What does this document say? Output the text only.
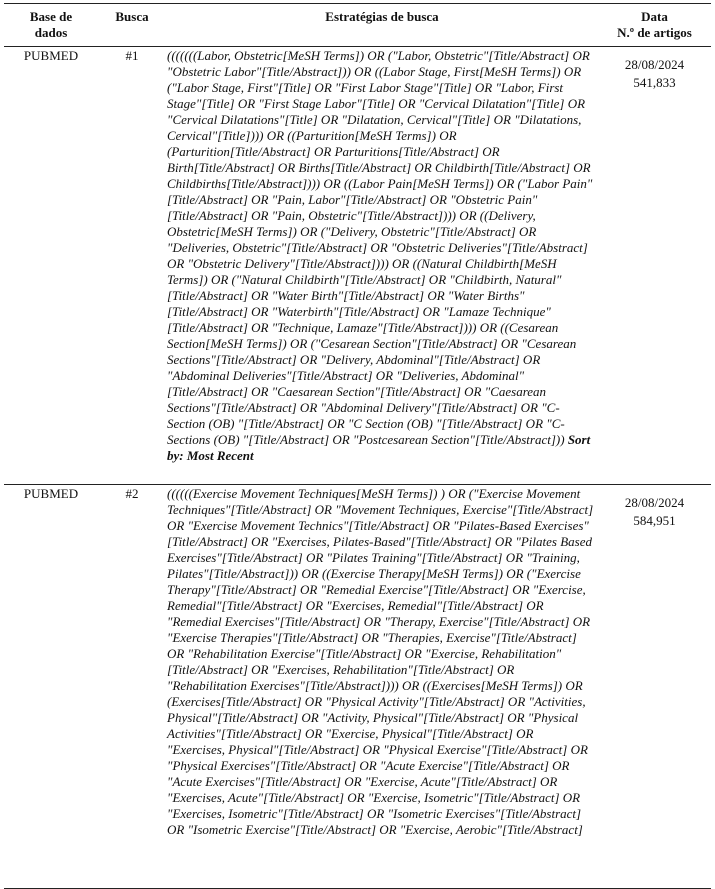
Base de
dados	Busca	Estratégias de busca	Data
N.º de artigos

PUBMED	#1	(((((((Labor, Obstetric[MeSH Terms]) OR ("Labor, Obstetric"[Title/Abstract] OR "Obstetric Labor"[Title/Abstract])) OR ((Labor Stage, First[MeSH Terms]) OR ("Labor Stage, First"[Title] OR "First Labor Stage"[Title] OR "Labor, First Stage"[Title] OR "First Stage Labor"[Title] OR "Cervical Dilatation"[Title] OR "Cervical Dilatations"[Title] OR "Dilatation, Cervical"[Title] OR "Dilatations, Cervical"[Title]))) OR ((Parturition[MeSH Terms]) OR (Parturition[Title/Abstract] OR Parturitions[Title/Abstract] OR Birth[Title/Abstract] OR Births[Title/Abstract] OR Childbirth[Title/Abstract] OR Childbirths[Title/Abstract]))) OR ((Labor Pain[MeSH Terms]) OR ("Labor Pain"[Title/Abstract] OR "Pain, Labor"[Title/Abstract] OR "Obstetric Pain"[Title/Abstract] OR "Pain, Obstetric"[Title/Abstract]))) OR ((Delivery, Obstetric[MeSH Terms]) OR ("Delivery, Obstetric"[Title/Abstract] OR "Deliveries, Obstetric"[Title/Abstract] OR "Obstetric Deliveries"[Title/Abstract] OR "Obstetric Delivery"[Title/Abstract]))) OR ((Natural Childbirth[MeSH Terms]) OR ("Natural Childbirth"[Title/Abstract] OR "Childbirth, Natural"[Title/Abstract] OR "Water Birth"[Title/Abstract] OR "Water Births"[Title/Abstract] OR "Waterbirth"[Title/Abstract] OR "Lamaze Technique"[Title/Abstract] OR "Technique, Lamaze"[Title/Abstract]))) OR ((Cesarean Section[MeSH Terms]) OR ("Cesarean Section"[Title/Abstract] OR "Cesarean Sections"[Title/Abstract] OR "Delivery, Abdominal"[Title/Abstract] OR "Abdominal Deliveries"[Title/Abstract] OR "Deliveries, Abdominal"[Title/Abstract] OR "Caesarean Section"[Title/Abstract] OR "Caesarean Sections"[Title/Abstract] OR "Abdominal Delivery"[Title/Abstract] OR "C-Section (OB) "[Title/Abstract] OR "C Section (OB) "[Title/Abstract] OR "C-Sections (OB) "[Title/Abstract] OR "Postcesarean Section"[Title/Abstract])) Sort by: Most Recent	28/08/2024
541,833

PUBMED	#2	((((((Exercise Movement Techniques[MeSH Terms]) ) OR ("Exercise Movement Techniques"[Title/Abstract] OR "Movement Techniques, Exercise"[Title/Abstract] OR "Exercise Movement Technics"[Title/Abstract] OR "Pilates-Based Exercises"[Title/Abstract] OR "Exercises, Pilates-Based"[Title/Abstract] OR "Pilates Based Exercises"[Title/Abstract] OR "Pilates Training"[Title/Abstract] OR "Training, Pilates"[Title/Abstract])) OR ((Exercise Therapy[MeSH Terms]) OR ("Exercise Therapy"[Title/Abstract] OR "Remedial Exercise"[Title/Abstract] OR "Exercise, Remedial"[Title/Abstract] OR "Exercises, Remedial"[Title/Abstract] OR "Remedial Exercises"[Title/Abstract] OR "Therapy, Exercise"[Title/Abstract] OR "Exercise Therapies"[Title/Abstract] OR "Therapies, Exercise"[Title/Abstract] OR "Rehabilitation Exercise"[Title/Abstract] OR "Exercise, Rehabilitation"[Title/Abstract] OR "Exercises, Rehabilitation"[Title/Abstract] OR "Rehabilitation Exercises"[Title/Abstract]))) OR ((Exercises[MeSH Terms]) OR (Exercises[Title/Abstract] OR "Physical Activity"[Title/Abstract] OR "Activities, Physical"[Title/Abstract] OR "Activity, Physical"[Title/Abstract] OR "Physical Activities"[Title/Abstract] OR "Exercise, Physical"[Title/Abstract] OR "Exercises, Physical"[Title/Abstract] OR "Physical Exercise"[Title/Abstract] OR "Physical Exercises"[Title/Abstract] OR "Acute Exercise"[Title/Abstract] OR "Acute Exercises"[Title/Abstract] OR "Exercise, Acute"[Title/Abstract] OR "Exercises, Acute"[Title/Abstract] OR "Exercise, Isometric"[Title/Abstract] OR "Exercises, Isometric"[Title/Abstract] OR "Isometric Exercises"[Title/Abstract] OR "Isometric Exercise"[Title/Abstract] OR "Exercise, Aerobic"[Title/Abstract]	28/08/2024
584,951
